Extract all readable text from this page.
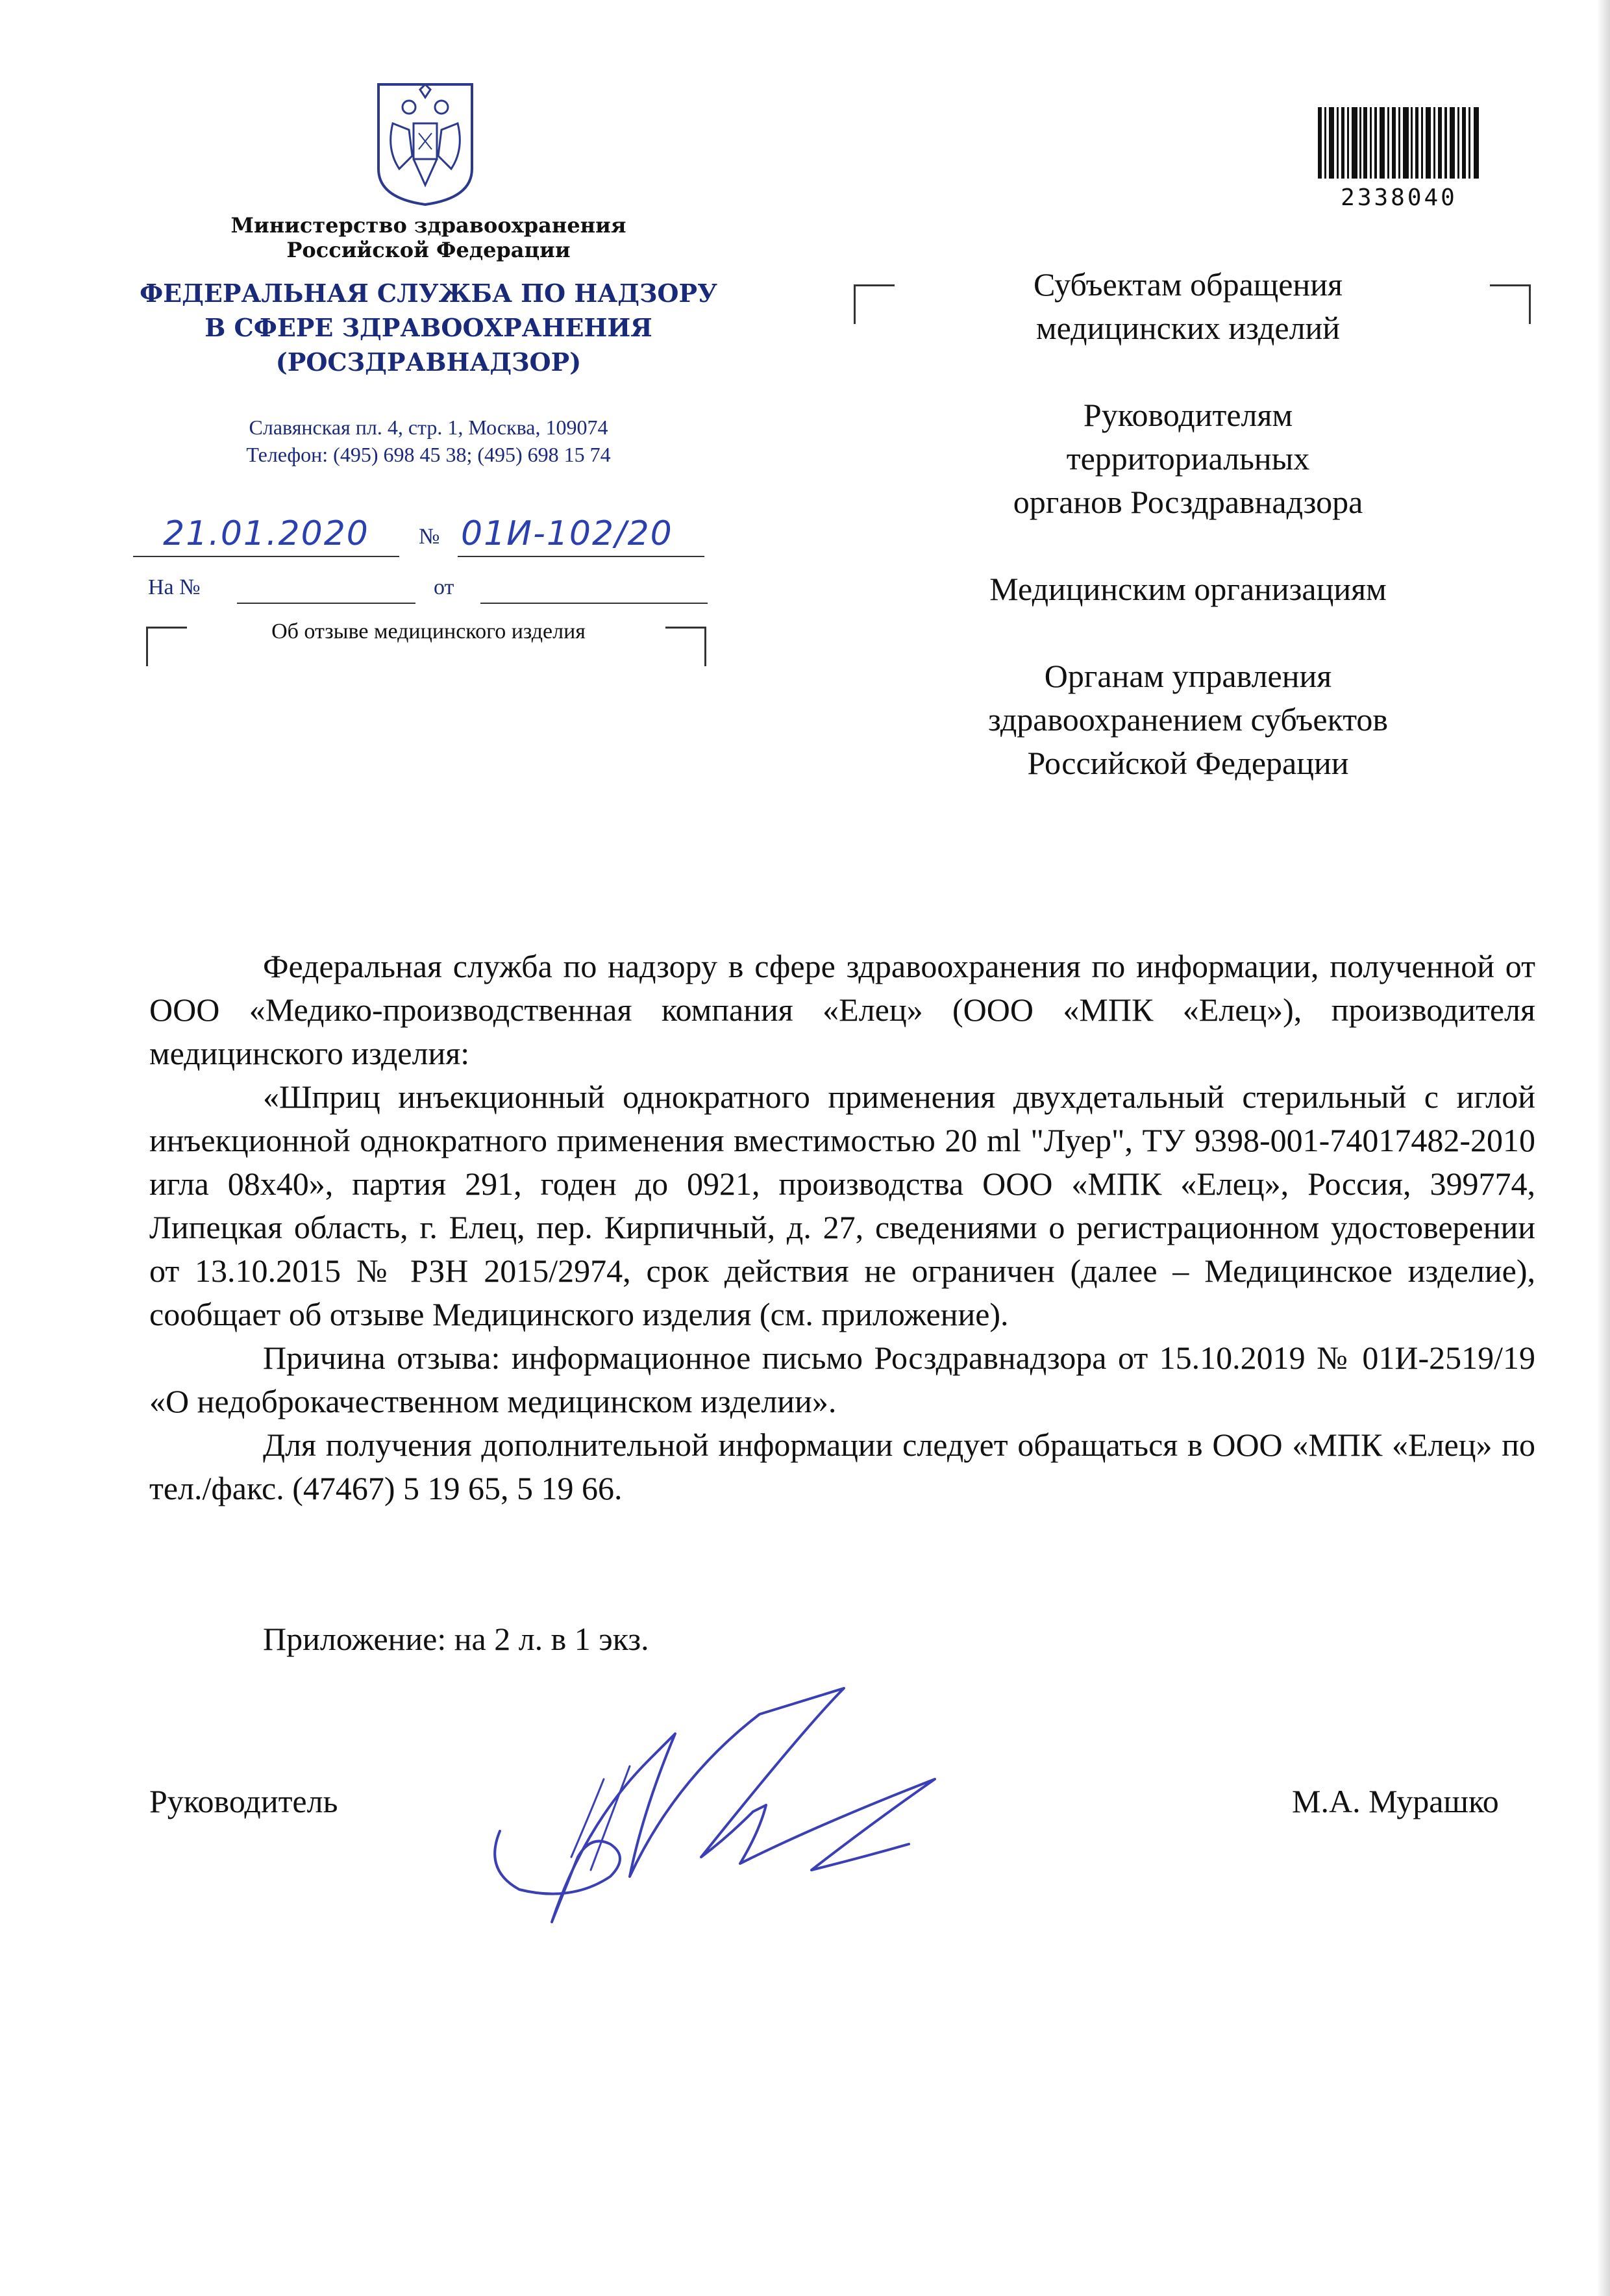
Министерство здравоохранения
Российской Федерации
ФЕДЕРАЛЬНАЯ СЛУЖБА ПО НАДЗОРУ
В СФЕРЕ ЗДРАВООХРАНЕНИЯ
(РОСЗДРАВНАДЗОР)
Славянская пл. 4, стр. 1, Москва, 109074
Телефон: (495) 698 45 38; (495) 698 15 74
21.01.2020	№ 01И-102/20
На №	от
Об отзыве медицинского изделия
2338040
Субъектам обращения
медицинских изделий
Руководителям
территориальных
органов Росздравнадзора
Медицинским организациям
Органам управления
здравоохранением субъектов
Российской Федерации

Федеральная служба по надзору в сфере здравоохранения по информации, полученной от ООО «Медико-производственная компания «Елец» (ООО «МПК «Елец»), производителя медицинского изделия:

«Шприц инъекционный однократного применения двухдетальный стерильный с иглой инъекционной однократного применения вместимостью 20 ml "Луер", ТУ 9398-001-74017482-2010 игла 08x40», партия 291, годен до 0921, производства ООО «МПК «Елец», Россия, 399774, Липецкая область, г. Елец, пер. Кирпичный, д. 27, сведениями о регистрационном удостоверении от 13.10.2015 № РЗН 2015/2974, срок действия не ограничен (далее – Медицинское изделие), сообщает об отзыве Медицинского изделия (см. приложение).

Причина отзыва: информационное письмо Росздравнадзора от 15.10.2019 № 01И-2519/19 «О недоброкачественном медицинском изделии».

Для получения дополнительной информации следует обращаться в ООО «МПК «Елец» по тел./факс. (47467) 5 19 65, 5 19 66.

Приложение: на 2 л. в 1 экз.
Руководитель	М.А. Мурашко
